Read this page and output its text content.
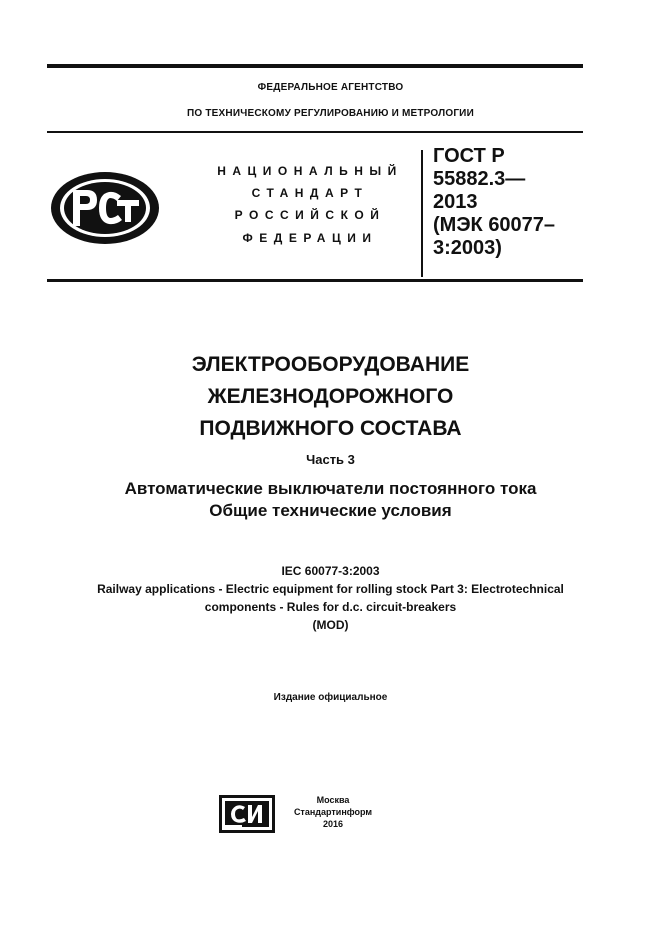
ФЕДЕРАЛЬНОЕ АГЕНТСТВО
ПО ТЕХНИЧЕСКОМУ РЕГУЛИРОВАНИЮ И МЕТРОЛОГИИ
НАЦИОНАЛЬНЫЙ
СТАНДАРТ
РОССИЙСКОЙ
ФЕДЕРАЦИИ
ГОСТ Р
55882.3—
2013
(МЭК 60077–
3:2003)
ЭЛЕКТРООБОРУДОВАНИЕ
ЖЕЛЕЗНОДОРОЖНОГО
ПОДВИЖНОГО СОСТАВА
Часть 3
Автоматические выключатели постоянного тока
Общие технические условия
IEC 60077-3:2003
Railway applications - Electric equipment for rolling stock Part 3: Electrotechnical
components - Rules for d.c. circuit-breakers
(MOD)
Издание официальное
Москва
Стандартинформ
2016
